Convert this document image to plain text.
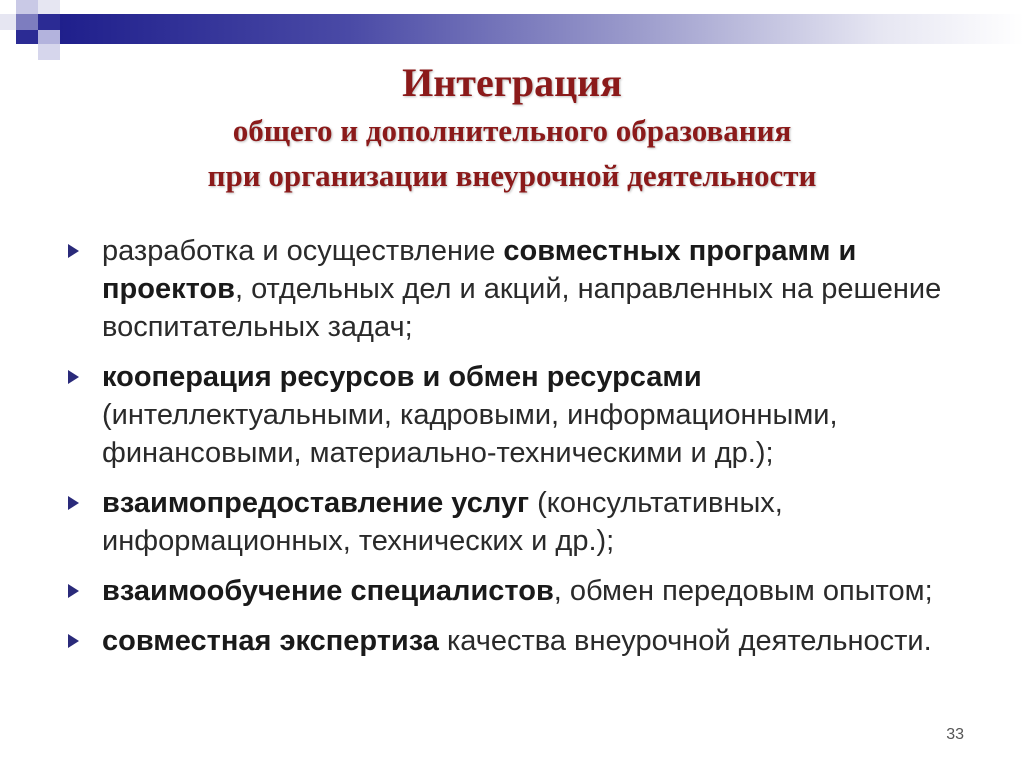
Интеграция
общего и дополнительного образования
при организации внеурочной деятельности
разработка и осуществление совместных программ и проектов, отдельных дел и акций, направленных на решение воспитательных задач;
кооперация ресурсов и обмен ресурсами (интеллектуальными, кадровыми, информационными, финансовыми, материально-техническими и др.);
взаимопредоставление услуг (консультативных, информационных, технических и др.);
взаимообучение специалистов, обмен передовым опытом;
совместная экспертиза качества внеурочной деятельности.
33
